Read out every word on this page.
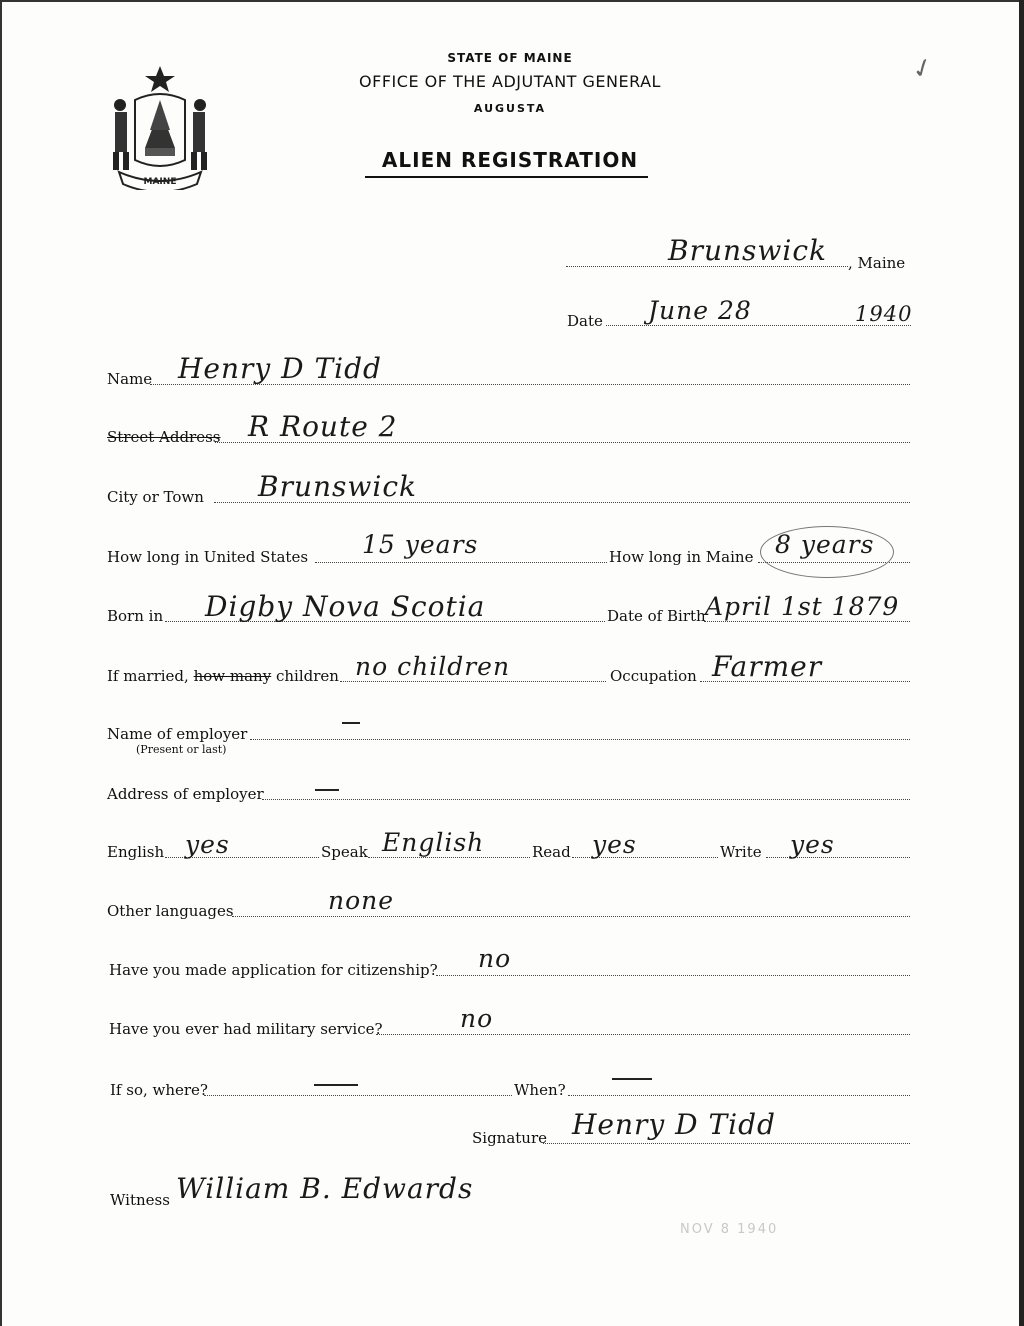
MAINE
STATE OF MAINE
OFFICE OF THE ADJUTANT GENERAL
AUGUSTA
ALIEN REGISTRATION
✓
Brunswick , Maine
Date June 28	1940
Name Henry D Tidd
Street Address R Route 2
City or Town Brunswick
How long in United States 15 years	How long in Maine 8 years
Born in Digby Nova Scotia	Date of Birth April 1st 1879
If married, how many children no children	Occupation Farmer
Name of employer
(Present or last)
Address of employer
English yes	Speak English	Read yes	Write yes
Other languages	none
Have you made application for citizenship? no
Have you ever had military service?	no
If so, where?	When?
Signature Henry D Tidd
Witness William B. Edwards
NOV 8 1940
